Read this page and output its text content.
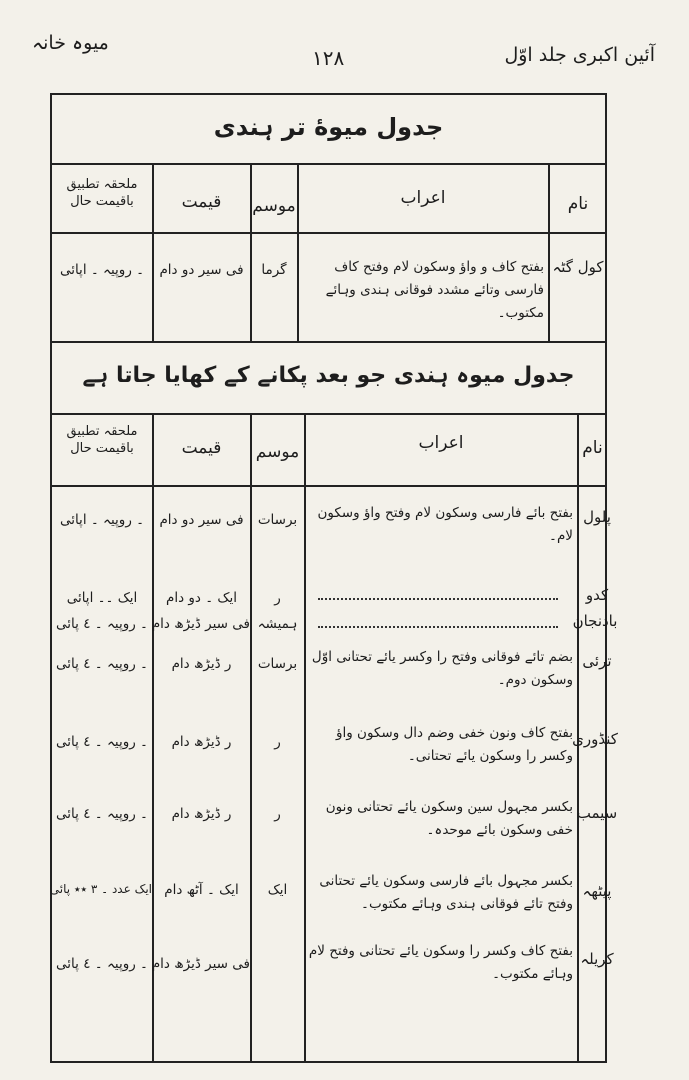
میوہ خانہ
۱۲۸	آئین اکبری جلد اوّل
جدول میوهٔ تر ہندی
نام
اعراب
موسم
قیمت
ملحقہ تطبیق باقیمت حال
کول گٹہ
بفتح کاف و واؤ وسکون لام وفتح کاف فارسی وتائے مشدد فوقانی ہندی وہائے مکتوب۔
گرما
فی سیر دو دام
۔ روپیہ ۔ اپائی
جدول میوہ ہندی جو بعد پکانے کے کھایا جاتا ہے
نام
اعراب
موسم
قیمت
ملحقہ تطبیق باقیمت حال
پلول
بفتح بائے فارسی وسکون لام وفتح واؤ وسکون لام۔
برسات
فی سیر دو دام
۔ روپیہ ۔ اپائی
کدو
ر
ایک ۔ دو دام
ایک ۔۔ اپائی
بادنجان
ہمیشہ
فی سیر ڈیڑھ دام
۔ روپیہ ۔ ٤ پائی
ترئی
بضم تائے فوقانی وفتح را وکسر یائے تحتانی اوّل وسکون دوم۔
برسات
ر ڈیڑھ دام
۔ روپیہ ۔ ٤ پائی
کنڈوری
بفتح کاف ونون خفی وضم دال وسکون واؤ وکسر را وسکون یائے تحتانی۔
ر
ر ڈیڑھ دام
۔ روپیہ ۔ ٤ پائی
سیمب
بکسر مجہول سین وسکون یائے تحتانی ونون خفی وسکون بائے موحدہ۔
ر
ر ڈیڑھ دام
۔ روپیہ ۔ ٤ پائی
پیٹھہ
بکسر مجہول بائے فارسی وسکون یائے تحتانی وفتح تائے فوقانی ہندی وہائے مکتوب۔
ایک
ایک ۔ آٹھ دام
ایک عدد ۔ ۳ ٭٭ پائی
کریلہ
بفتح کاف وکسر را وسکون یائے تحتانی وفتح لام وہائے مکتوب۔
فی سیر ڈیڑھ دام
۔ روپیہ ۔ ٤ پائی
